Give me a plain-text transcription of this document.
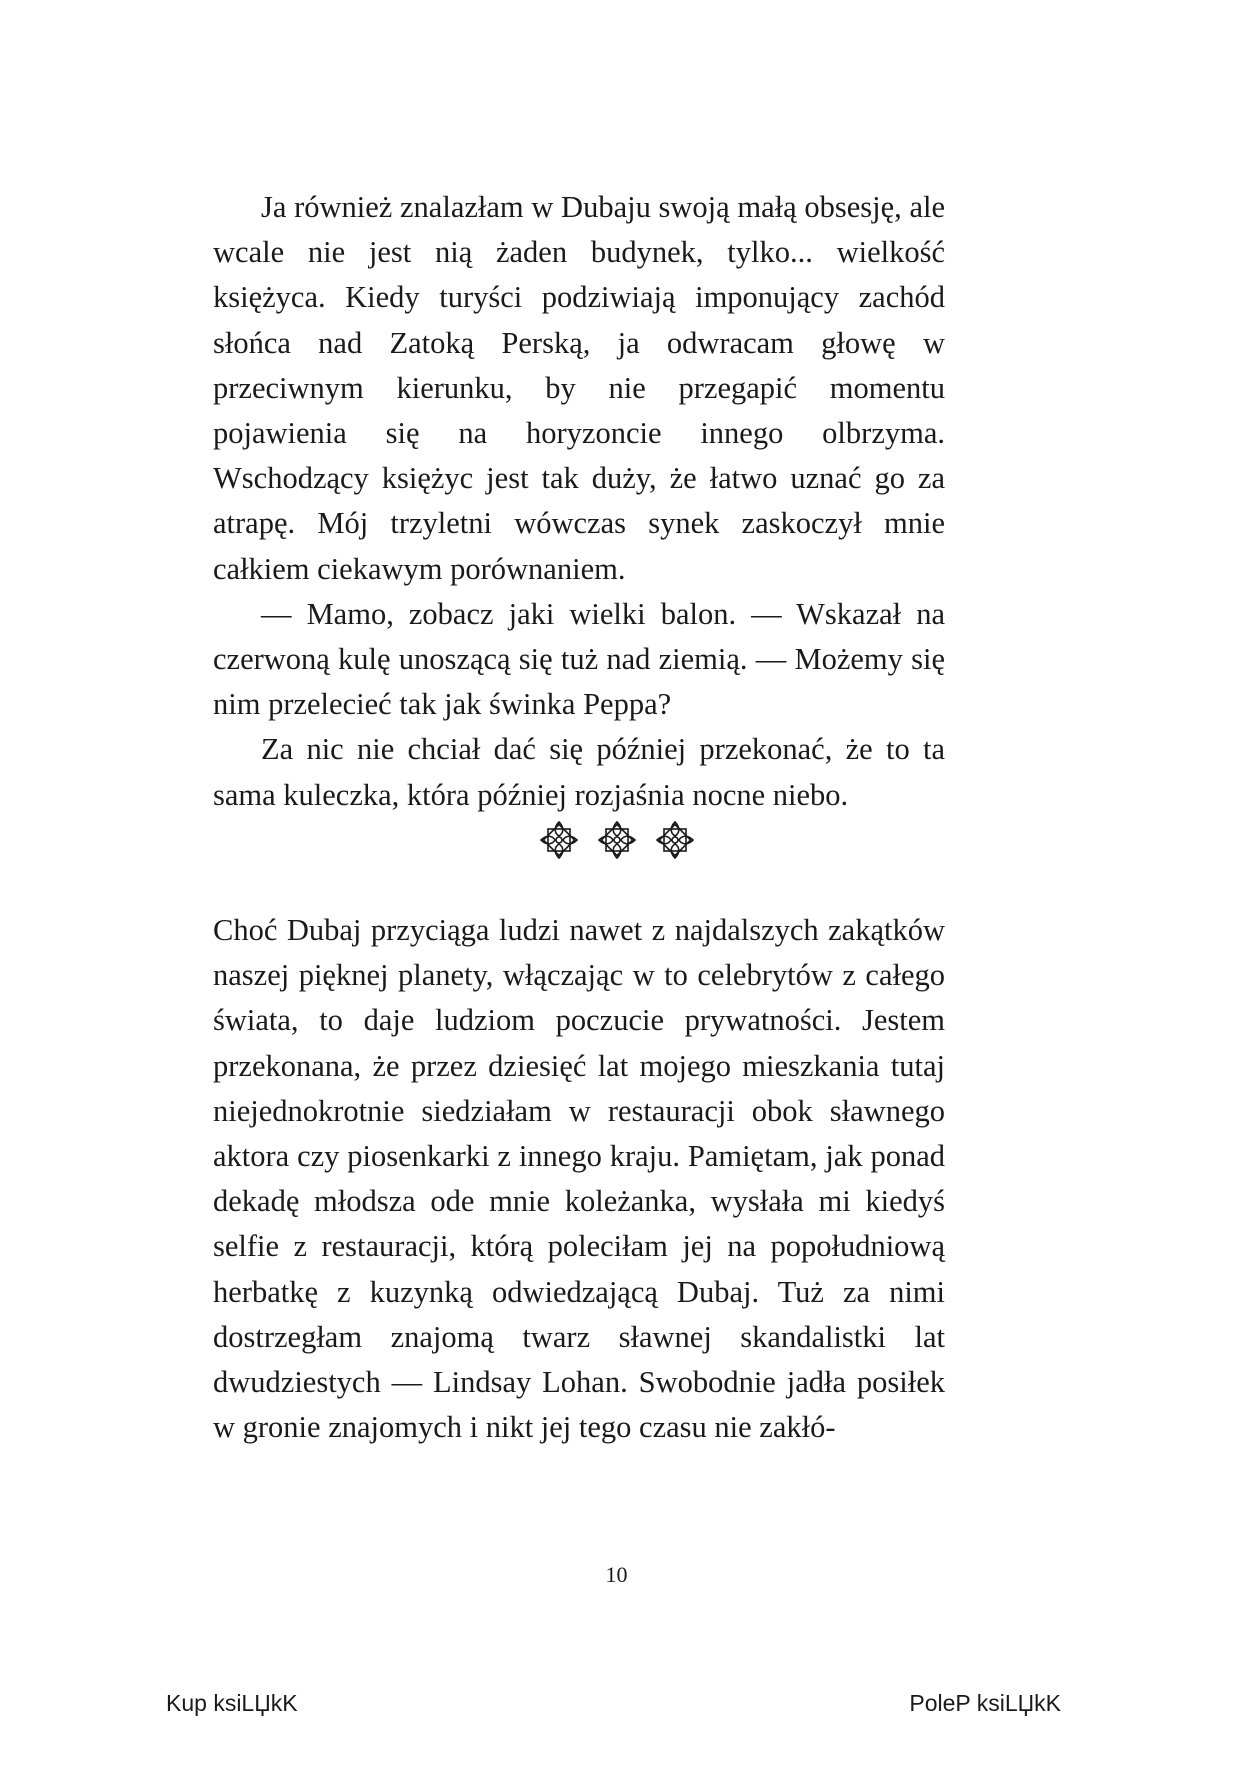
Ja również znalazłam w Dubaju swoją małą obsesję, ale wcale nie jest nią żaden budynek, tylko... wielkość księżyca. Kiedy turyści podziwiają imponujący zachód słońca nad Zatoką Perską, ja odwracam głowę w przeciwnym kierunku, by nie przegapić momentu pojawienia się na horyzoncie innego olbrzyma. Wschodzący księżyc jest tak duży, że łatwo uznać go za atrapę. Mój trzyletni wówczas synek zaskoczył mnie całkiem ciekawym porównaniem.

— Mamo, zobacz jaki wielki balon. — Wskazał na czerwoną kulę unoszącą się tuż nad ziemią. — Możemy się nim przelecieć tak jak świnka Peppa?

Za nic nie chciał dać się później przekonać, że to ta sama kuleczka, która później rozjaśnia nocne niebo.

Choć Dubaj przyciąga ludzi nawet z najdalszych zakątków naszej pięknej planety, włączając w to celebrytów z całego świata, to daje ludziom poczucie prywatności. Jestem przekonana, że przez dziesięć lat mojego mieszkania tutaj niejednokrotnie siedziałam w restauracji obok sławnego aktora czy piosenkarki z innego kraju. Pamiętam, jak ponad dekadę młodsza ode mnie koleżanka, wysłała mi kiedyś selfie z restauracji, którą poleciłam jej na popołudniową herbatkę z kuzynką odwiedzającą Dubaj. Tuż za nimi dostrzegłam znajomą twarz sławnej skandalistki lat dwudziestych — Lindsay Lohan. Swobodnie jadła posiłek w gronie znajomych i nikt jej tego czasu nie zakłó-

10
Kup ksiLЏkK	PoleP ksiLЏkK
